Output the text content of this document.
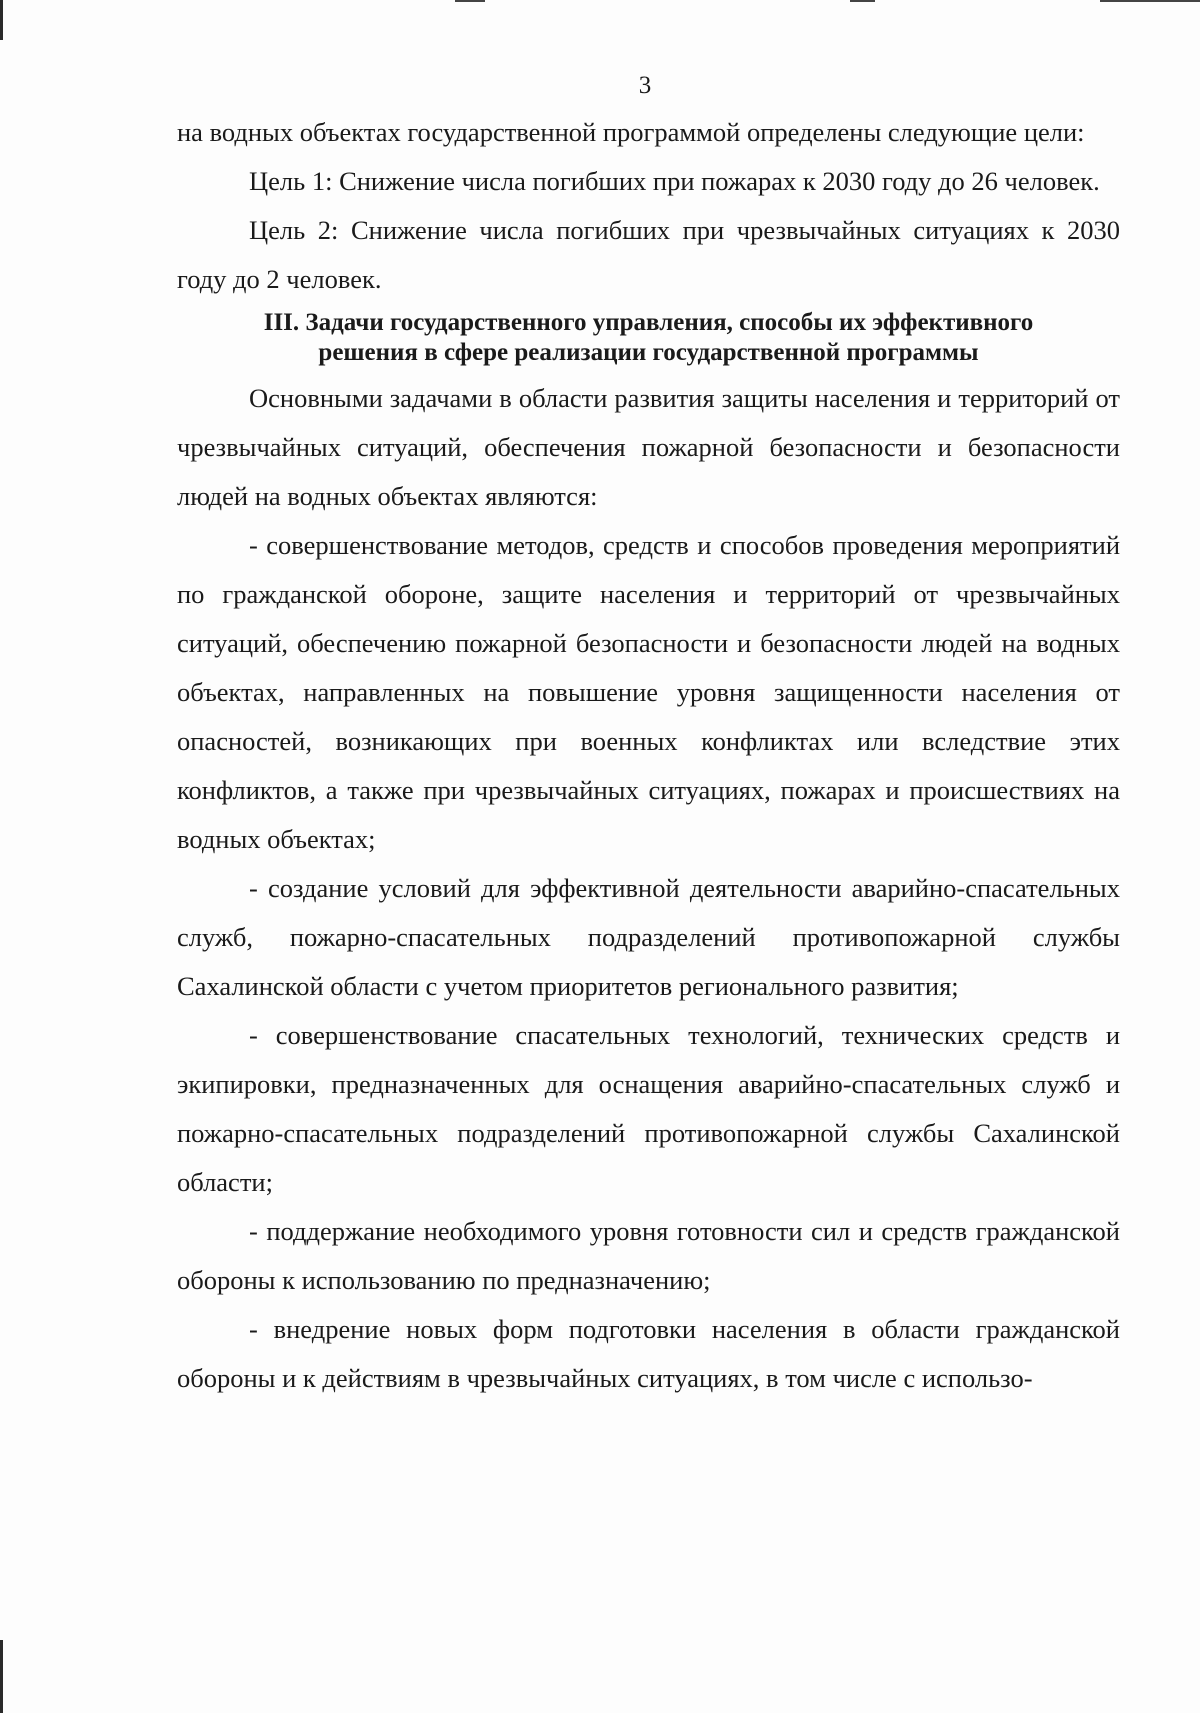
3

на водных объектах государственной программой определены следующие цели:

Цель 1: Снижение числа погибших при пожарах к 2030 году до 26 человек.

Цель 2: Снижение числа погибших при чрезвычайных ситуациях к 2030 году до 2 человек.

III. Задачи государственного управления, способы их эффективного
решения в сфере реализации государственной программы

Основными задачами в области развития защиты населения и территорий от чрезвычайных ситуаций, обеспечения пожарной безопасности и безопасности людей на водных объектах являются:

- совершенствование методов, средств и способов проведения мероприятий по гражданской обороне, защите населения и территорий от чрезвычайных ситуаций, обеспечению пожарной безопасности и безопасности людей на водных объектах, направленных на повышение уровня защищенности населения от опасностей, возникающих при военных конфликтах или вследствие этих конфликтов, а также при чрезвычайных ситуациях, пожарах и происшествиях на водных объектах;

- создание условий для эффективной деятельности аварийно-спасательных служб, пожарно-спасательных подразделений противопожарной службы Сахалинской области с учетом приоритетов регионального развития;

- совершенствование спасательных технологий, технических средств и экипировки, предназначенных для оснащения аварийно-спасательных служб и пожарно-спасательных подразделений противопожарной службы Сахалинской области;

- поддержание необходимого уровня готовности сил и средств гражданской обороны к использованию по предназначению;

- внедрение новых форм подготовки населения в области гражданской обороны и к действиям в чрезвычайных ситуациях, в том числе с использо-
